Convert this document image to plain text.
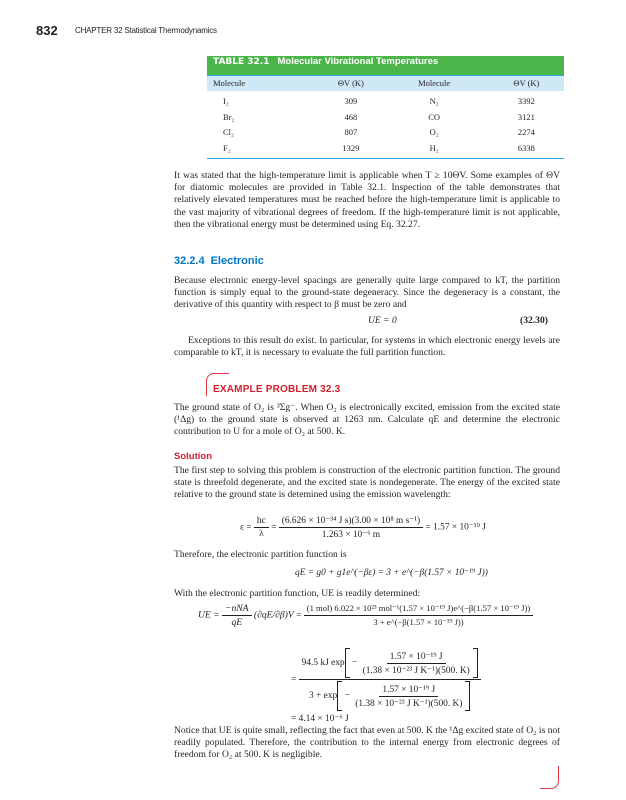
832 CHAPTER 32 Statistical Thermodynamics
TABLE 32.1 Molecular Vibrational Temperatures
Molecule	ΘV (K)	Molecule	ΘV (K)
I₂	309	N₂	3392
Br₂	468	CO	3121
Cl₂	807	O₂	2274
F₂	1329	H₂	6338
It was stated that the high-temperature limit is applicable when T ≥ 10ΘV. Some examples of ΘV for diatomic molecules are provided in Table 32.1. Inspection of the table demonstrates that relatively elevated temperatures must be reached before the high-temperature limit is applicable to the vast majority of vibrational degrees of freedom. If the high-temperature limit is not applicable, then the vibrational energy must be determined using Eq. 32.27.
32.2.4 Electronic
Because electronic energy-level spacings are generally quite large compared to kT, the partition function is simply equal to the ground-state degeneracy. Since the degeneracy is a constant, the derivative of this quantity with respect to β must be zero and
UE = 0	(32.30)
Exceptions to this result do exist. In particular, for systems in which electronic energy levels are comparable to kT, it is necessary to evaluate the full partition function.
EXAMPLE PROBLEM 32.3
The ground state of O₂ is ³Σg⁻. When O₂ is electronically excited, emission from the excited state (¹Δg) to the ground state is observed at 1263 nm. Calculate qE and determine the electronic contribution to U for a mole of O₂ at 500. K.
Solution
The first step to solving this problem is construction of the electronic partition function. The ground state is threefold degenerate, and the excited state is nondegenerate. The energy of the excited state relative to the ground state is detemined using the emission wavelength:
$\varepsilon = \frac{hc}{\lambda} = \frac{\text{(6.626 × 10⁻³⁴ J s)(3.00 × 10⁸ m s⁻¹)}}{\text{1.263 × 10⁻⁶ m}} = 1.57 \times 10^{-19}$ J
Therefore, the electronic partition function is
qE = g0 + g1e^(−βε) = 3 + e^(−β(1.57 × 10⁻¹⁹ J))
With the electronic partition function, UE is readily determined:
UE = $\frac{\text{−nNA}}{qE} (\partial qE/\partial\beta)V$ =
(1 mol) 6.022 × 10²³ mol⁻¹(1.57 × 10⁻¹⁹ J)e^(−β(1.57 × 10⁻¹⁹ J))
3 + e^(−β(1.57 × 10⁻¹⁹ J))
= $\frac{94.5 kJ \exp - \frac{\text{1.57 × 10⁻¹⁹ J}}{\text{(1.38 × 10⁻²³ J K⁻¹)(500. K)}}}{3 + \exp - \frac{\text{1.57 × 10⁻¹⁹ J}}{\text{(1.38 × 10⁻²³ J K⁻¹)(500. K)}}}$
= 4.14 × 10⁻⁶ J
Notice that UE is quite small, reflecting the fact that even at 500. K the ¹Δg excited state of O₂ is not readily populated. Therefore, the contribution to the internal energy from electronic degrees of freedom for O₂ at 500. K is negligible.
